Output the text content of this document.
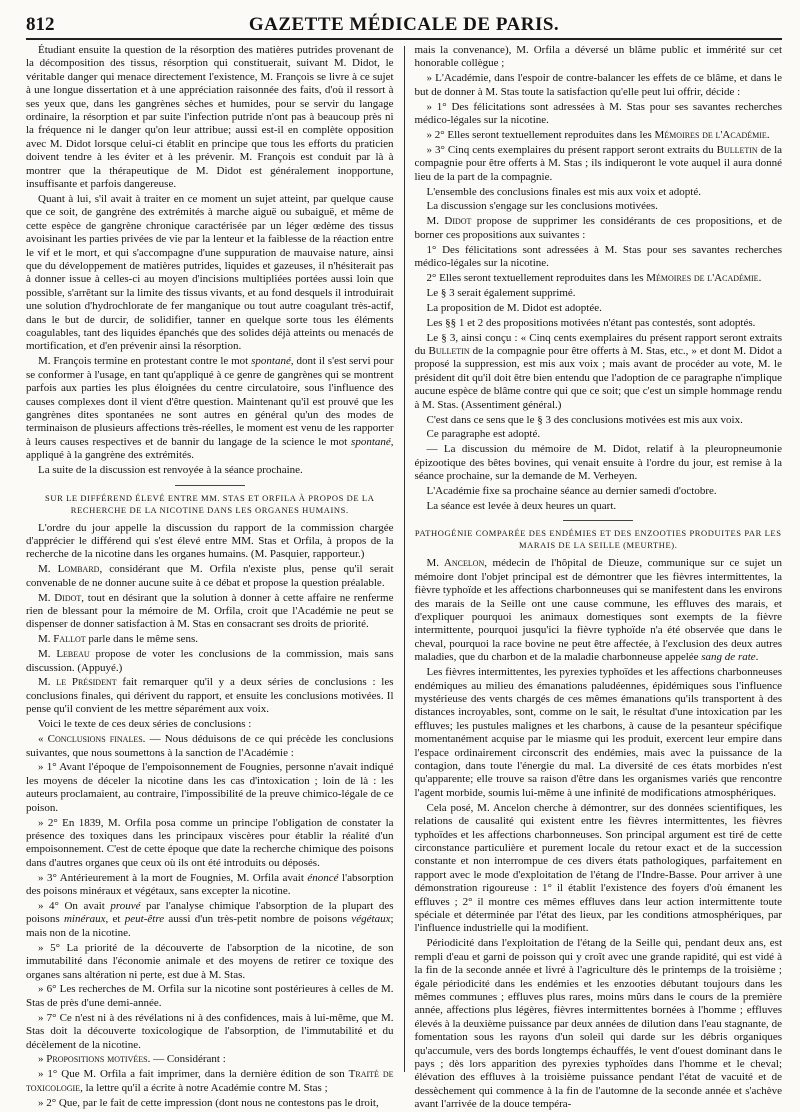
812	GAZETTE MÉDICALE DE PARIS.

Étudiant ensuite la question de la résorption des matières putrides provenant de la décomposition des tissus, résorption qui constituerait, suivant M. Didot, le véritable danger qui menace directement l'existence, M. François se livre à ce sujet à une longue dissertation et à une appréciation raisonnée des faits, d'où il ressort à ses yeux que, dans les gangrènes sèches et humides, pour se servir du langage ordinaire, la résorption et par suite l'infection putride n'ont pas à beaucoup près ni la fréquence ni le danger qu'on leur attribue; aussi est-il en complète opposition avec M. Didot lorsque celui-ci établit en principe que tous les efforts du praticien doivent tendre à les éviter et à les prévenir. M. François est conduit par là à montrer que la thérapeutique de M. Didot est généralement inopportune, insuffisante et parfois dangereuse.

Quant à lui, s'il avait à traiter en ce moment un sujet atteint, par quelque cause que ce soit, de gangrène des extrémités à marche aiguë ou subaiguë, et même de cette espèce de gangrène chronique caractérisée par un léger œdème des tissus avoisinant les parties privées de vie par la lenteur et la faiblesse de la réaction entre le vif et le mort, et qui s'accompagne d'une suppuration de mauvaise nature, ainsi que du développement de matières putrides, liquides et gazeuses, il n'hésiterait pas à donner issue à celles-ci au moyen d'incisions multipliées portées aussi loin que possible, s'arrêtant sur la limite des tissus vivants, et au fond desquels il introduirait une solution d'hydrochlorate de fer manganique ou tout autre coagulant très-actif, dans le but de durcir, de solidifier, tanner en quelque sorte tous les éléments coagulables, tant des liquides épanchés que des solides déjà atteints ou menacés de mortification, et d'en prévenir ainsi la résorption.

M. François termine en protestant contre le mot spontané, dont il s'est servi pour se conformer à l'usage, en tant qu'appliqué à ce genre de gangrènes qui se montrent parfois aux parties les plus éloignées du centre circulatoire, sous l'influence des causes complexes dont il vient d'être question. Maintenant qu'il est prouvé que les gangrènes dites spontanées ne sont autres en général qu'un des modes de terminaison de plusieurs affections très-réelles, le moment est venu de les rapporter à leurs causes respectives et de bannir du langage de la science le mot spontané, appliqué à la gangrène des extrémités.

La suite de la discussion est renvoyée à la séance prochaine.

SUR LE DIFFÉREND ÉLEVÉ ENTRE MM. STAS ET ORFILA À PROPOS DE LA RECHERCHE DE LA NICOTINE DANS LES ORGANES HUMAINS.

L'ordre du jour appelle la discussion du rapport de la commission chargée d'apprécier le différend qui s'est élevé entre MM. Stas et Orfila, à propos de la recherche de la nicotine dans les organes humains. (M. Pasquier, rapporteur.)

M. Lombard, considérant que M. Orfila n'existe plus, pense qu'il serait convenable de ne donner aucune suite à ce débat et propose la question préalable.

M. Didot, tout en désirant que la solution à donner à cette affaire ne renferme rien de blessant pour la mémoire de M. Orfila, croit que l'Académie ne peut se dispenser de donner satisfaction à M. Stas en consacrant ses droits de priorité.

M. Fallot parle dans le même sens.

M. Lebeau propose de voter les conclusions de la commission, mais sans discussion. (Appuyé.)

M. le Président fait remarquer qu'il y a deux séries de conclusions : les conclusions finales, qui dérivent du rapport, et ensuite les conclusions motivées. Il pense qu'il convient de les mettre séparément aux voix.

Voici le texte de ces deux séries de conclusions :

« Conclusions finales. — Nous déduisons de ce qui précède les conclusions suivantes, que nous soumettons à la sanction de l'Académie :

» 1° Avant l'époque de l'empoisonnement de Fougnies, personne n'avait indiqué les moyens de déceler la nicotine dans les cas d'intoxication ; loin de là : les auteurs proclamaient, au contraire, l'impossibilité de la preuve chimico-légale de ce poison.

» 2° En 1839, M. Orfila posa comme un principe l'obligation de constater la présence des toxiques dans les principaux viscères pour établir la réalité d'un empoisonnement. C'est de cette époque que date la recherche chimique des poisons dans d'autres organes que ceux où ils ont été introduits ou déposés.

» 3° Antérieurement à la mort de Fougnies, M. Orfila avait énoncé l'absorption des poisons minéraux et végétaux, sans excepter la nicotine.

» 4° On avait prouvé par l'analyse chimique l'absorption de la plupart des poisons minéraux, et peut-être aussi d'un très-petit nombre de poisons végétaux; mais non de la nicotine.

» 5° La priorité de la découverte de l'absorption de la nicotine, de son immutabilité dans l'économie animale et des moyens de retirer ce toxique des organes sans altération ni perte, est due à M. Stas.

» 6° Les recherches de M. Orfila sur la nicotine sont postérieures à celles de M. Stas de près d'une demi-année.

» 7° Ce n'est ni à des révélations ni à des confidences, mais à lui-même, que M. Stas doit la découverte toxicologique de l'absorption, de l'immutabilité et du décèlement de la nicotine.

» Propositions motivées. — Considérant :

» 1° Que M. Orfila a fait imprimer, dans la dernière édition de son Traité de toxicologie, la lettre qu'il a écrite à notre Académie contre M. Stas ;

» 2° Que, par le fait de cette impression (dont nous ne contestons pas le droit,

mais la convenance), M. Orfila a déversé un blâme public et immérité sur cet honorable collègue ;

» L'Académie, dans l'espoir de contre-balancer les effets de ce blâme, et dans le but de donner à M. Stas toute la satisfaction qu'elle peut lui offrir, décide :

» 1° Des félicitations sont adressées à M. Stas pour ses savantes recherches médico-légales sur la nicotine.

» 2° Elles seront textuellement reproduites dans les Mémoires de l'Académie.

» 3° Cinq cents exemplaires du présent rapport seront extraits du Bulletin de la compagnie pour être offerts à M. Stas ; ils indiqueront le vote auquel il aura donné lieu de la part de la compagnie.

L'ensemble des conclusions finales est mis aux voix et adopté.

La discussion s'engage sur les conclusions motivées.

M. Didot propose de supprimer les considérants de ces propositions, et de borner ces propositions aux suivantes :

1° Des félicitations sont adressées à M. Stas pour ses savantes recherches médico-légales sur la nicotine.

2° Elles seront textuellement reproduites dans les Mémoires de l'Académie.

Le § 3 serait également supprimé.

La proposition de M. Didot est adoptée.

Les §§ 1 et 2 des propositions motivées n'étant pas contestés, sont adoptés.

Le § 3, ainsi conçu : « Cinq cents exemplaires du présent rapport seront extraits du Bulletin de la compagnie pour être offerts à M. Stas, etc., » et dont M. Didot a proposé la suppression, est mis aux voix ; mais avant de procéder au vote, M. le président dit qu'il doit être bien entendu que l'adoption de ce paragraphe n'implique aucune espèce de blâme contre qui que ce soit; que c'est un simple hommage rendu à M. Stas. (Assentiment général.)

C'est dans ce sens que le § 3 des conclusions motivées est mis aux voix.

Ce paragraphe est adopté.

— La discussion du mémoire de M. Didot, relatif à la pleuropneumonie épizootique des bêtes bovines, qui venait ensuite à l'ordre du jour, est remise à la séance prochaine, sur la demande de M. Verheyen.

L'Académie fixe sa prochaine séance au dernier samedi d'octobre.

La séance est levée à deux heures un quart.

PATHOGÉNIE COMPARÉE DES ENDÉMIES ET DES ENZOOTIES PRODUITES PAR LES MARAIS DE LA SEILLE (MEURTHE).

M. Ancelon, médecin de l'hôpital de Dieuze, communique sur ce sujet un mémoire dont l'objet principal est de démontrer que les fièvres intermittentes, la fièvre typhoïde et les affections charbonneuses qui se manifestent dans les environs des marais de la Seille ont une cause commune, les effluves des marais, et d'expliquer pourquoi les animaux domestiques sont exempts de la fièvre intermittente, pourquoi jusqu'ici la fièvre typhoïde n'a été observée que dans le cheval, pourquoi la race bovine ne peut être affectée, à l'exclusion des deux autres maladies, que du charbon et de la maladie charbonneuse appelée sang de rate.

Les fièvres intermittentes, les pyrexies typhoïdes et les affections charbonneuses endémiques au milieu des émanations paludéennes, épidémiques sous l'influence mystérieuse des vents chargés de ces mêmes émanations qu'ils transportent à des distances incroyables, sont, comme on le sait, le résultat d'une intoxication par les effluves; les pustules malignes et les charbons, à cause de la pesanteur spécifique momentanément acquise par le miasme qui les produit, exercent leur empire dans l'espace ordinairement circonscrit des endémies, mais avec la puissance de la contagion, dans toute l'énergie du mal. La diversité de ces états morbides n'est qu'apparente; elle trouve sa raison d'être dans les organismes variés que rencontre l'agent morbide, soumis lui-même à une infinité de modifications atmosphériques.

Cela posé, M. Ancelon cherche à démontrer, sur des données scientifiques, les relations de causalité qui existent entre les fièvres intermittentes, les fièvres typhoïdes et les affections charbonneuses. Son principal argument est tiré de cette circonstance particulière et purement locale du retour exact et de la succession constante et non interrompue de ces divers états pathologiques, parfaitement en rapport avec le mode d'exploitation de l'étang de l'Indre-Basse. Pour arriver à une démonstration rigoureuse : 1° il établit l'existence des foyers d'où émanent les effluves ; 2° il montre ces mêmes effluves dans leur action intermittente toute spéciale et déterminée par l'état des lieux, par les conditions atmosphériques, par l'influence industrielle qui la modifient.

Périodicité dans l'exploitation de l'étang de la Seille qui, pendant deux ans, est rempli d'eau et garni de poisson qui y croît avec une grande rapidité, qui est vidé à la fin de la seconde année et livré à l'agriculture dès le printemps de la troisième ; égale périodicité dans les endémies et les enzooties débutant toujours dans les mêmes communes ; effluves plus rares, moins mûrs dans le cours de la première année, affections plus légères, fièvres intermittentes bornées à l'homme ; effluves élevés à la deuxième puissance par deux années de dilution dans l'eau stagnante, de fomentation sous les rayons d'un soleil qui darde sur les débris organiques qu'accumule, vers des bords longtemps échauffés, le vent d'ouest dominant dans le pays ; dès lors apparition des pyrexies typhoïdes dans l'homme et le cheval; élévation des effluves à la troisième puissance pendant l'état de vacuité et de dessèchement qui commence à la fin de l'automne de la seconde année et s'achève avant l'arrivée de la douce tempéra-
